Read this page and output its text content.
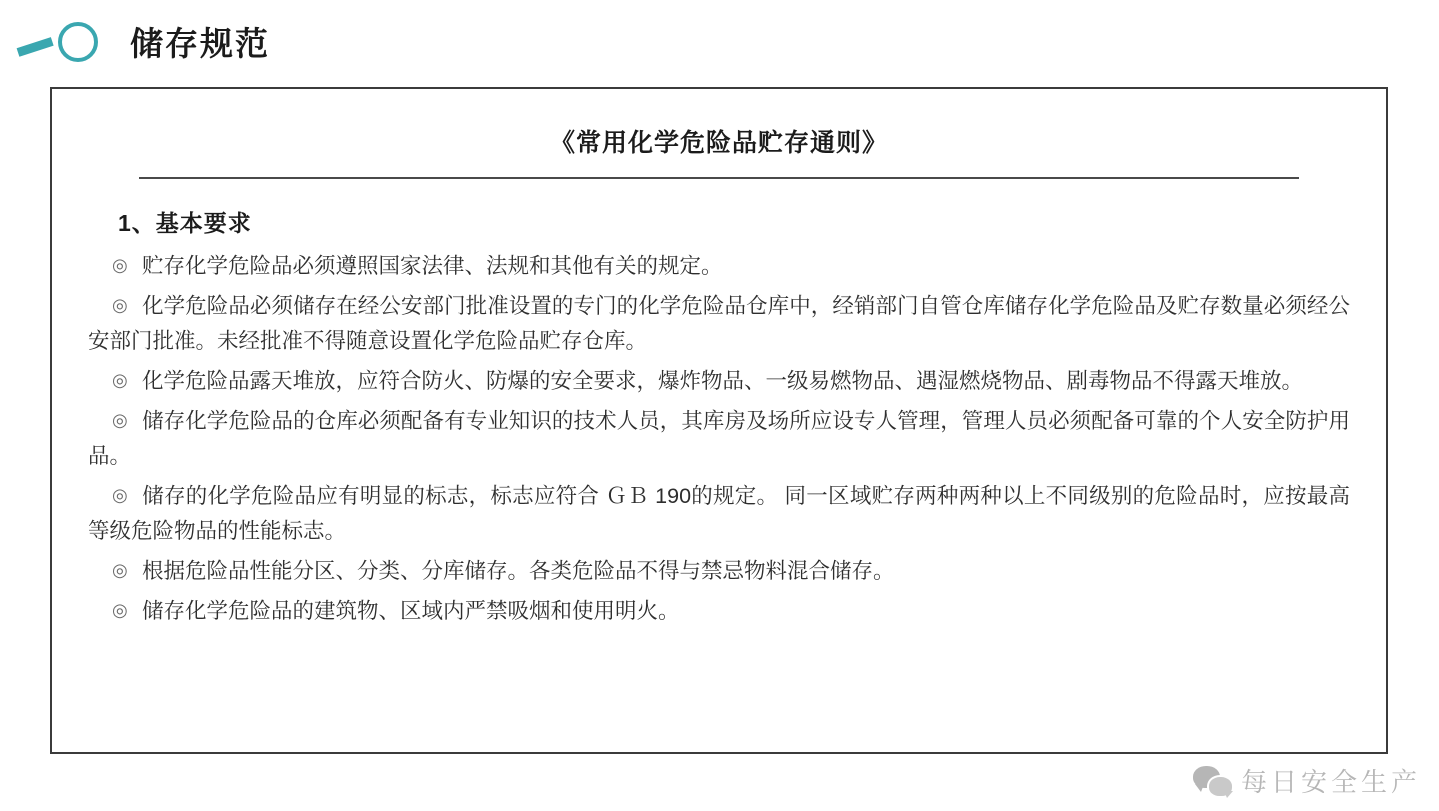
储存规范
《常用化学危险品贮存通则》
1、基本要求
◎ 贮存化学危险品必须遵照国家法律、法规和其他有关的规定。
◎ 化学危险品必须储存在经公安部门批准设置的专门的化学危险品仓库中，经销部门自管仓库储存化学危险品及贮存数量必须经公安部门批准。未经批准不得随意设置化学危险品贮存仓库。
◎ 化学危险品露天堆放，应符合防火、防爆的安全要求，爆炸物品、一级易燃物品、遇湿燃烧物品、剧毒物品不得露天堆放。
◎ 储存化学危险品的仓库必须配备有专业知识的技术人员，其库房及场所应设专人管理，管理人员必须配备可靠的个人安全防护用品。
◎ 储存的化学危险品应有明显的标志，标志应符合 ＧＢ 190的规定。 同一区域贮存两种两种以上不同级别的危险品时，应按最高等级危险物品的性能标志。
◎ 根据危险品性能分区、分类、分库储存。各类危险品不得与禁忌物料混合储存。
◎ 储存化学危险品的建筑物、区域内严禁吸烟和使用明火。
每日安全生产
